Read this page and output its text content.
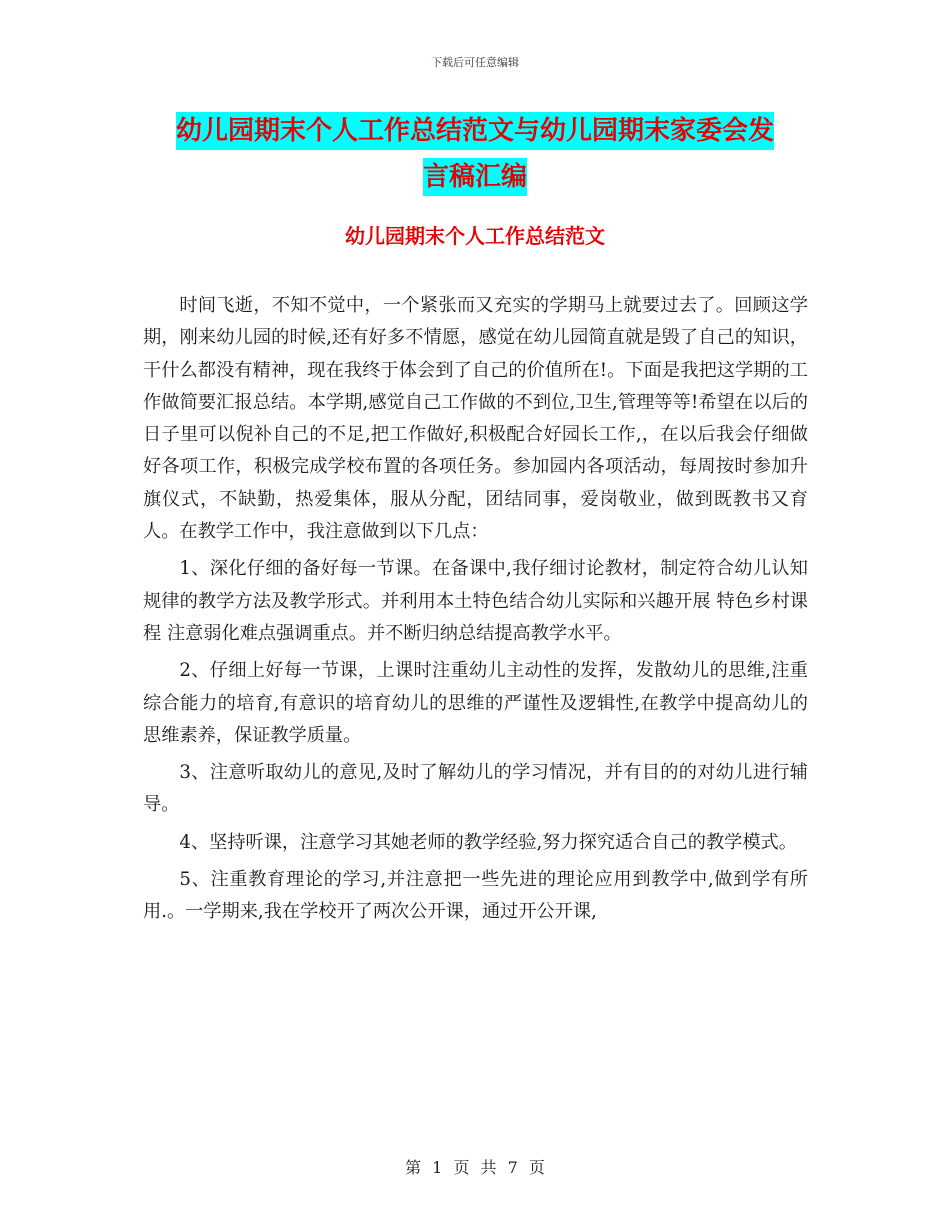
下载后可任意编辑
幼儿园期末个人工作总结范文与幼儿园期末家委会发
言稿汇编
幼儿园期末个人工作总结范文

时间飞逝，不知不觉中，一个紧张而又充实的学期马上就要过去了。回顾这学期，刚来幼儿园的时候,还有好多不情愿，感觉在幼儿园简直就是毁了自己的知识，干什么都没有精神，现在我终于体会到了自己的价值所在!。下面是我把这学期的工作做简要汇报总结。本学期,感觉自己工作做的不到位,卫生,管理等等!希望在以后的日子里可以倪补自己的不足,把工作做好,积极配合好园长工作,，在以后我会仔细做好各项工作，积极完成学校布置的各项任务。参加园内各项活动，每周按时参加升旗仪式，不缺勤，热爱集体，服从分配，团结同事，爱岗敬业，做到既教书又育人。在教学工作中，我注意做到以下几点：

1、深化仔细的备好每一节课。在备课中,我仔细讨论教材，制定符合幼儿认知规律的教学方法及教学形式。并利用本土特色结合幼儿实际和兴趣开展 特色乡村课程 注意弱化难点强调重点。并不断归纳总结提高教学水平。

2、仔细上好每一节课，上课时注重幼儿主动性的发挥，发散幼儿的思维,注重综合能力的培育,有意识的培育幼儿的思维的严谨性及逻辑性,在教学中提高幼儿的思维素养，保证教学质量。

3、注意听取幼儿的意见,及时了解幼儿的学习情况，并有目的的对幼儿进行辅导。

4、坚持听课，注意学习其她老师的教学经验,努力探究适合自己的教学模式。

5、注重教育理论的学习,并注意把一些先进的理论应用到教学中,做到学有所用.。一学期来,我在学校开了两次公开课，通过开公开课,

第 1 页 共 7 页
